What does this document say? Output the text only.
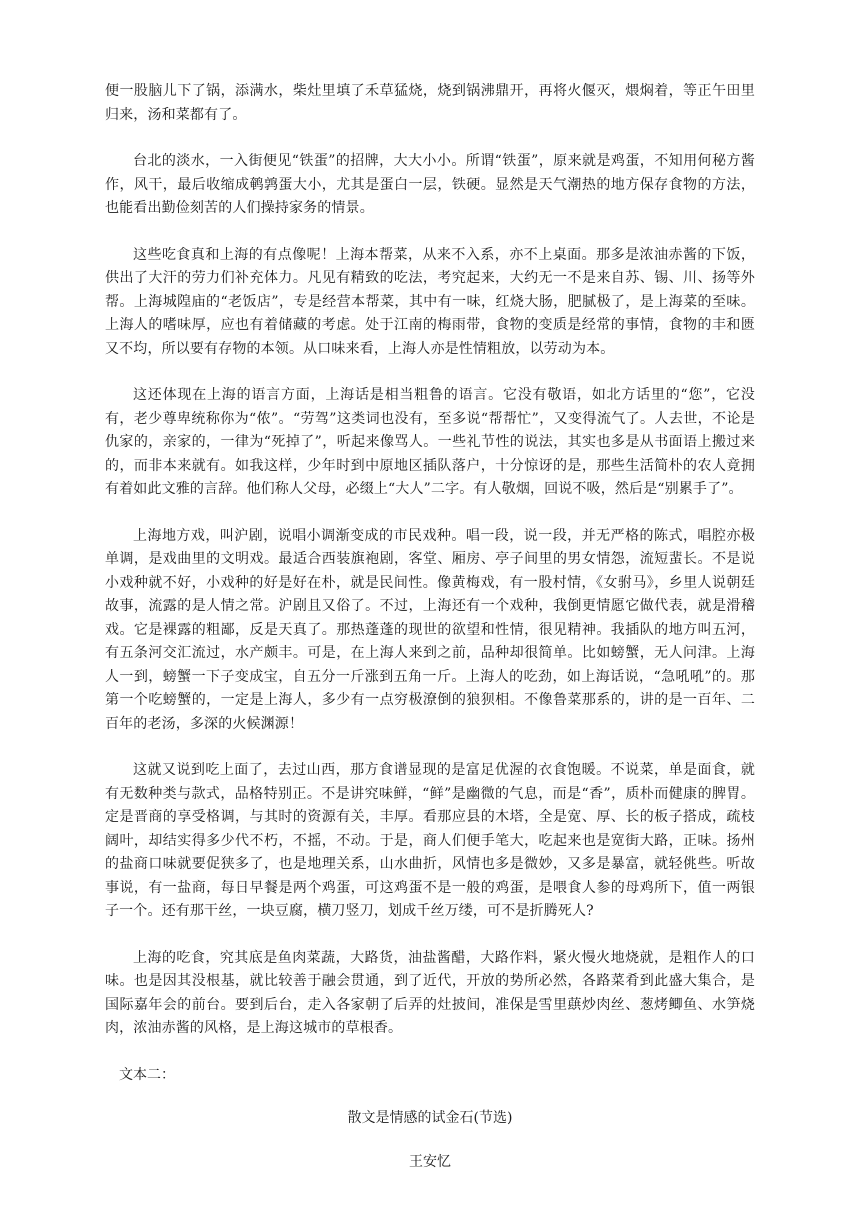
便一股脑儿下了锅，添满水，柴灶里填了禾草猛烧，烧到锅沸鼎开，再将火偃灭，煨焖着，等正午田里归来，汤和菜都有了。

台北的淡水，一入街便见“铁蛋”的招牌，大大小小。所谓“铁蛋”，原来就是鸡蛋，不知用何秘方酱作，风干，最后收缩成鹌鹑蛋大小，尤其是蛋白一层，铁硬。显然是天气潮热的地方保存食物的方法，也能看出勤俭刻苦的人们操持家务的情景。

这些吃食真和上海的有点像呢！上海本帮菜，从来不入系，亦不上桌面。那多是浓油赤酱的下饭，供出了大汗的劳力们补充体力。凡见有精致的吃法，考究起来，大约无一不是来自苏、锡、川、扬等外帮。上海城隍庙的“老饭店”，专是经营本帮菜，其中有一味，红烧大肠，肥腻极了，是上海菜的至味。上海人的嗜味厚，应也有着储藏的考虑。处于江南的梅雨带，食物的变质是经常的事情，食物的丰和匮又不均，所以要有存物的本领。从口味来看，上海人亦是性情粗放，以劳动为本。

这还体现在上海的语言方面，上海话是相当粗鲁的语言。它没有敬语，如北方话里的“您”，它没有，老少尊卑统称你为“侬”。“劳驾”这类词也没有，至多说“帮帮忙”，又变得流气了。人去世，不论是仇家的，亲家的，一律为“死掉了”，听起来像骂人。一些礼节性的说法，其实也多是从书面语上搬过来的，而非本来就有。如我这样，少年时到中原地区插队落户，十分惊讶的是，那些生活简朴的农人竟拥有着如此文雅的言辞。他们称人父母，必缀上“大人”二字。有人敬烟，回说不吸，然后是“别累手了”。

上海地方戏，叫沪剧，说唱小调渐变成的市民戏种。唱一段，说一段，并无严格的陈式，唱腔亦极单调，是戏曲里的文明戏。最适合西装旗袍剧，客堂、厢房、亭子间里的男女情怨，流短蜚长。不是说小戏种就不好，小戏种的好是好在朴，就是民间性。像黄梅戏，有一股村情，《女驸马》，乡里人说朝廷故事，流露的是人情之常。沪剧且又俗了。不过，上海还有一个戏种，我倒更情愿它做代表，就是滑稽戏。它是裸露的粗鄙，反是天真了。那热蓬蓬的现世的欲望和性情，很见精神。我插队的地方叫五河，有五条河交汇流过，水产颇丰。可是，在上海人来到之前，品种却很简单。比如螃蟹，无人问津。上海人一到，螃蟹一下子变成宝，自五分一斤涨到五角一斤。上海人的吃劲，如上海话说，“急吼吼”的。那第一个吃螃蟹的，一定是上海人，多少有一点穷极潦倒的狼狈相。不像鲁菜那系的，讲的是一百年、二百年的老汤，多深的火候渊源！

这就又说到吃上面了，去过山西，那方食谱显现的是富足优渥的衣食饱暖。不说菜，单是面食，就有无数种类与款式，品格特别正。不是讲究味鲜，“鲜”是幽微的气息，而是“香”，质朴而健康的脾胃。定是晋商的享受格调，与其时的资源有关，丰厚。看那应县的木塔，全是宽、厚、长的板子搭成，疏枝阔叶，却结实得多少代不朽，不摇，不动。于是，商人们便手笔大，吃起来也是宽街大路，正味。扬州的盐商口味就要促狭多了，也是地理关系，山水曲折，风情也多是微妙，又多是暴富，就轻佻些。听故事说，有一盐商，每日早餐是两个鸡蛋，可这鸡蛋不是一般的鸡蛋，是喂食人参的母鸡所下，值一两银子一个。还有那干丝，一块豆腐，横刀竖刀，划成千丝万缕，可不是折腾死人?

上海的吃食，究其底是鱼肉菜蔬，大路货，油盐酱醋，大路作料，紧火慢火地烧就，是粗作人的口味。也是因其没根基，就比较善于融会贯通，到了近代，开放的势所必然，各路菜肴到此盛大集合，是国际嘉年会的前台。要到后台，走入各家朝了后弄的灶披间，准保是雪里蕻炒肉丝、葱烤鲫鱼、水笋烧肉，浓油赤酱的风格，是上海这城市的草根香。

文本二：

散文是情感的试金石(节选)

王安忆
